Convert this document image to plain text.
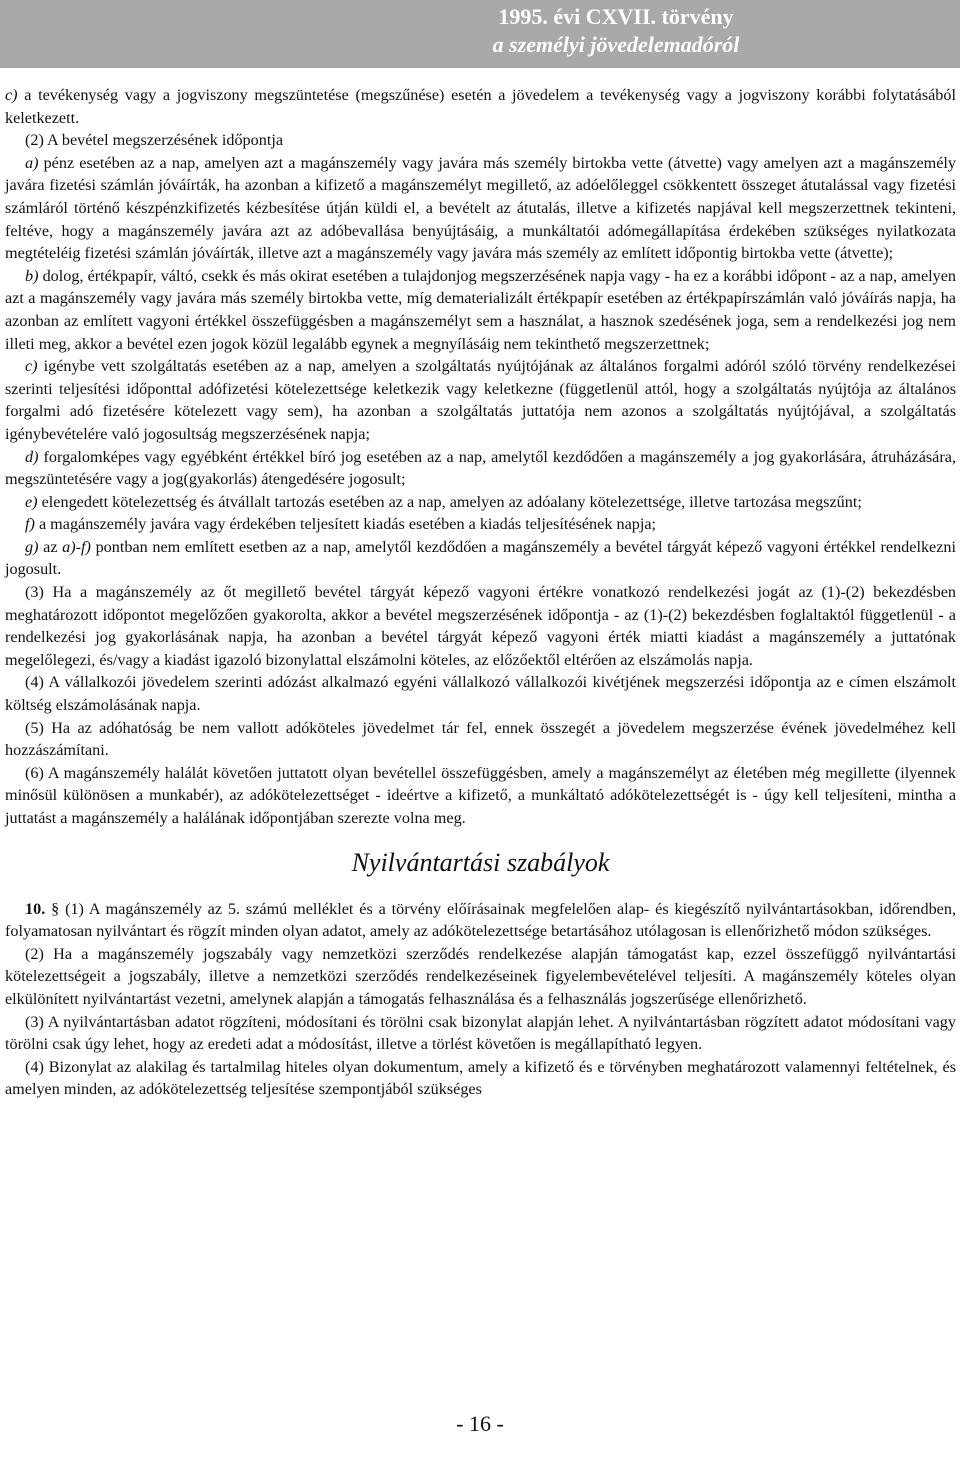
1995. évi CXVII. törvény
a személyi jövedelemadóról

c) a tevékenység vagy a jogviszony megszüntetése (megszűnése) esetén a jövedelem a tevékenység vagy a jogviszony korábbi folytatásából keletkezett.

(2) A bevétel megszerzésének időpontja

a) pénz esetében az a nap, amelyen azt a magánszemély vagy javára más személy birtokba vette (átvette) vagy amelyen azt a magánszemély javára fizetési számlán jóváírták, ha azonban a kifizető a magánszemélyt megillető, az adóelőleggel csökkentett összeget átutalással vagy fizetési számláról történő készpénzkifizetés kézbesítése útján küldi el, a bevételt az átutalás, illetve a kifizetés napjával kell megszerzettnek tekinteni, feltéve, hogy a magánszemély javára azt az adóbevallása benyújtásáig, a munkáltatói adómegállapítása érdekében szükséges nyilatkozata megtételéig fizetési számlán jóváírták, illetve azt a magánszemély vagy javára más személy az említett időpontig birtokba vette (átvette);

b) dolog, értékpapír, váltó, csekk és más okirat esetében a tulajdonjog megszerzésének napja vagy - ha ez a korábbi időpont - az a nap, amelyen azt a magánszemély vagy javára más személy birtokba vette, míg dematerializált értékpapír esetében az értékpapírszámlán való jóváírás napja, ha azonban az említett vagyoni értékkel összefüggésben a magánszemélyt sem a használat, a hasznok szedésének joga, sem a rendelkezési jog nem illeti meg, akkor a bevétel ezen jogok közül legalább egynek a megnyílásáig nem tekinthető megszerzettnek;

c) igénybe vett szolgáltatás esetében az a nap, amelyen a szolgáltatás nyújtójának az általános forgalmi adóról szóló törvény rendelkezései szerinti teljesítési időponttal adófizetési kötelezettsége keletkezik vagy keletkezne (függetlenül attól, hogy a szolgáltatás nyújtója az általános forgalmi adó fizetésére kötelezett vagy sem), ha azonban a szolgáltatás juttatója nem azonos a szolgáltatás nyújtójával, a szolgáltatás igénybevételére való jogosultság megszerzésének napja;

d) forgalomképes vagy egyébként értékkel bíró jog esetében az a nap, amelytől kezdődően a magánszemély a jog gyakorlására, átruházására, megszüntetésére vagy a jog(gyakorlás) átengedésére jogosult;

e) elengedett kötelezettség és átvállalt tartozás esetében az a nap, amelyen az adóalany kötelezettsége, illetve tartozása megszűnt;

f) a magánszemély javára vagy érdekében teljesített kiadás esetében a kiadás teljesítésének napja;

g) az a)-f) pontban nem említett esetben az a nap, amelytől kezdődően a magánszemély a bevétel tárgyát képező vagyoni értékkel rendelkezni jogosult.

(3) Ha a magánszemély az őt megillető bevétel tárgyát képező vagyoni értékre vonatkozó rendelkezési jogát az (1)-(2) bekezdésben meghatározott időpontot megelőzően gyakorolta, akkor a bevétel megszerzésének időpontja - az (1)-(2) bekezdésben foglaltaktól függetlenül - a rendelkezési jog gyakorlásának napja, ha azonban a bevétel tárgyát képező vagyoni érték miatti kiadást a magánszemély a juttatónak megelőlegezi, és/vagy a kiadást igazoló bizonylattal elszámolni köteles, az előzőektől eltérően az elszámolás napja.

(4) A vállalkozói jövedelem szerinti adózást alkalmazó egyéni vállalkozó vállalkozói kivétjének megszerzési időpontja az e címen elszámolt költség elszámolásának napja.

(5) Ha az adóhatóság be nem vallott adóköteles jövedelmet tár fel, ennek összegét a jövedelem megszerzése évének jövedelméhez kell hozzászámítani.

(6) A magánszemély halálát követően juttatott olyan bevétellel összefüggésben, amely a magánszemélyt az életében még megillette (ilyennek minősül különösen a munkabér), az adókötelezettséget - ideértve a kifizető, a munkáltató adókötelezettségét is - úgy kell teljesíteni, mintha a juttatást a magánszemély a halálának időpontjában szerezte volna meg.

Nyilvántartási szabályok

10. § (1) A magánszemély az 5. számú melléklet és a törvény előírásainak megfelelően alap- és kiegészítő nyilvántartásokban, időrendben, folyamatosan nyilvántart és rögzít minden olyan adatot, amely az adókötelezettsége betartásához utólagosan is ellenőrizhető módon szükséges.

(2) Ha a magánszemély jogszabály vagy nemzetközi szerződés rendelkezése alapján támogatást kap, ezzel összefüggő nyilvántartási kötelezettségeit a jogszabály, illetve a nemzetközi szerződés rendelkezéseinek figyelembevételével teljesíti. A magánszemély köteles olyan elkülönített nyilvántartást vezetni, amelynek alapján a támogatás felhasználása és a felhasználás jogszerűsége ellenőrizhető.

(3) A nyilvántartásban adatot rögzíteni, módosítani és törölni csak bizonylat alapján lehet. A nyilvántartásban rögzített adatot módosítani vagy törölni csak úgy lehet, hogy az eredeti adat a módosítást, illetve a törlést követően is megállapítható legyen.

(4) Bizonylat az alakilag és tartalmilag hiteles olyan dokumentum, amely a kifizető és e törvényben meghatározott valamennyi feltételnek, és amelyen minden, az adókötelezettség teljesítése szempontjából szükséges

- 16 -
